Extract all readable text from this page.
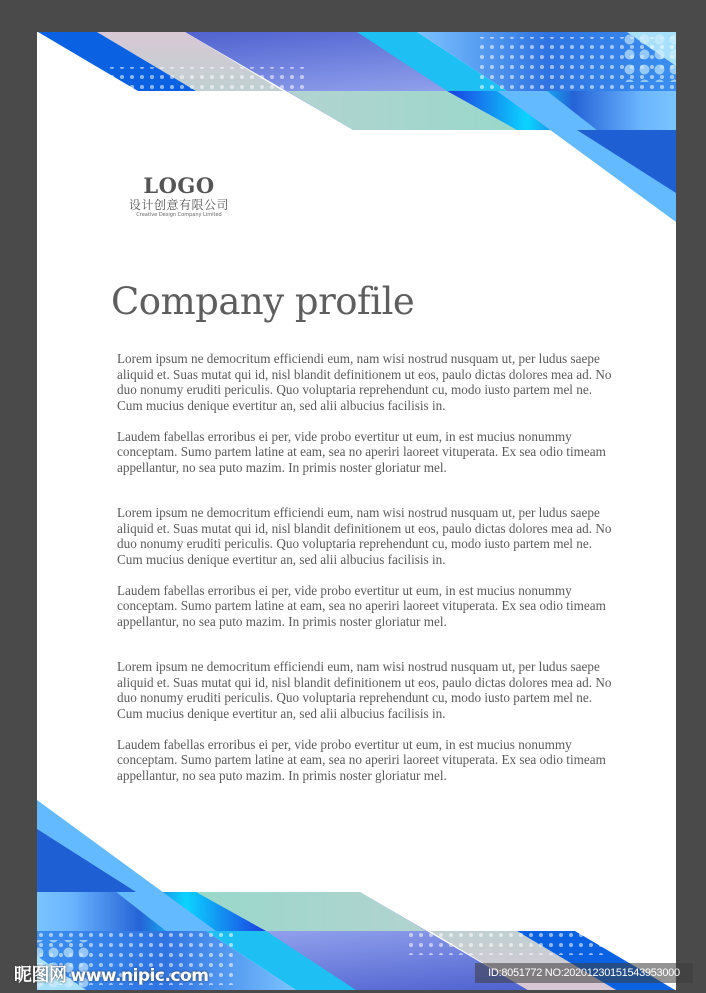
LOGO
设计创意有限公司
Creative Design Company Limited
Company profile

Lorem ipsum ne democritum efficiendi eum, nam wisi nostrud nusquam ut, per ludus saepe aliquid et. Suas mutat qui id, nisl blandit definitionem ut eos, paulo dictas dolores mea ad. No duo nonumy eruditi periculis. Quo voluptaria reprehendunt cu, modo iusto partem mel ne. Cum mucius denique evertitur an, sed alii albucius facilisis in.

Laudem fabellas erroribus ei per, vide probo evertitur ut eum, in est mucius nonummy conceptam. Sumo partem latine at eam, sea no aperiri laoreet vituperata. Ex sea odio timeam appellantur, no sea puto mazim. In primis noster gloriatur mel.

Lorem ipsum ne democritum efficiendi eum, nam wisi nostrud nusquam ut, per ludus saepe aliquid et. Suas mutat qui id, nisl blandit definitionem ut eos, paulo dictas dolores mea ad. No duo nonumy eruditi periculis. Quo voluptaria reprehendunt cu, modo iusto partem mel ne. Cum mucius denique evertitur an, sed alii albucius facilisis in.

Laudem fabellas erroribus ei per, vide probo evertitur ut eum, in est mucius nonummy conceptam. Sumo partem latine at eam, sea no aperiri laoreet vituperata. Ex sea odio timeam appellantur, no sea puto mazim. In primis noster gloriatur mel.

Lorem ipsum ne democritum efficiendi eum, nam wisi nostrud nusquam ut, per ludus saepe aliquid et. Suas mutat qui id, nisl blandit definitionem ut eos, paulo dictas dolores mea ad. No duo nonumy eruditi periculis. Quo voluptaria reprehendunt cu, modo iusto partem mel ne. Cum mucius denique evertitur an, sed alii albucius facilisis in.

Laudem fabellas erroribus ei per, vide probo evertitur ut eum, in est mucius nonummy conceptam. Sumo partem latine at eam, sea no aperiri laoreet vituperata. Ex sea odio timeam appellantur, no sea puto mazim. In primis noster gloriatur mel.

昵图网 www.nipic.com	ID:8051772 NO:20201230151543953000
